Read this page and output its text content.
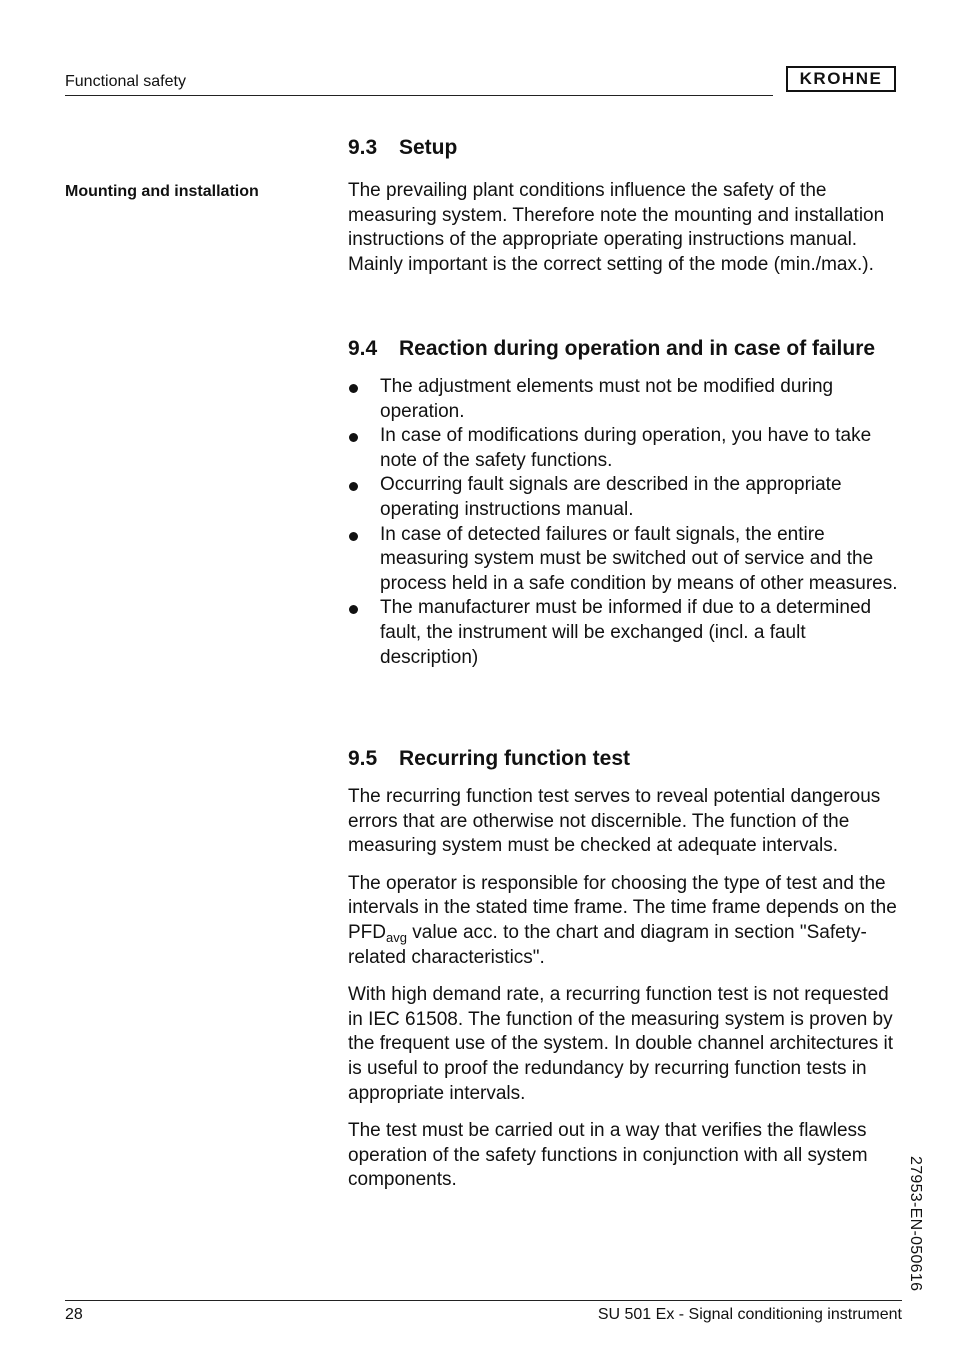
Functional safety	KROHNE
Mounting and installation
9.3	Setup

The prevailing plant conditions influence the safety of the measuring system. Therefore note the mounting and installation instructions of the appropriate operating instructions manual. Mainly important is the correct setting of the mode (min./max.).

9.4	Reaction during operation and in case of failure
The adjustment elements must not be modified during operation.
In case of modifications during operation, you have to take note of the safety functions.
Occurring fault signals are described in the appropriate operating instructions manual.
In case of detected failures or fault signals, the entire measuring system must be switched out of service and the process held in a safe condition by means of other measures.
The manufacturer must be informed if due to a determined fault, the instrument will be exchanged (incl. a fault description)
9.5	Recurring function test

The recurring function test serves to reveal potential dangerous errors that are otherwise not discernible. The function of the measuring system must be checked at adequate intervals.

The operator is responsible for choosing the type of test and the intervals in the stated time frame. The time frame depends on the $PFD_{avg}$ value acc. to the chart and diagram in section "Safety-related characteristics".

With high demand rate, a recurring function test is not requested in IEC 61508. The function of the measuring system is proven by the frequent use of the system. In double channel architectures it is useful to proof the redundancy by recurring function tests in appropriate intervals.

The test must be carried out in a way that verifies the flawless operation of the safety functions in conjunction with all system components.	27953-EN-050616
28	SU 501 Ex - Signal conditioning instrument
